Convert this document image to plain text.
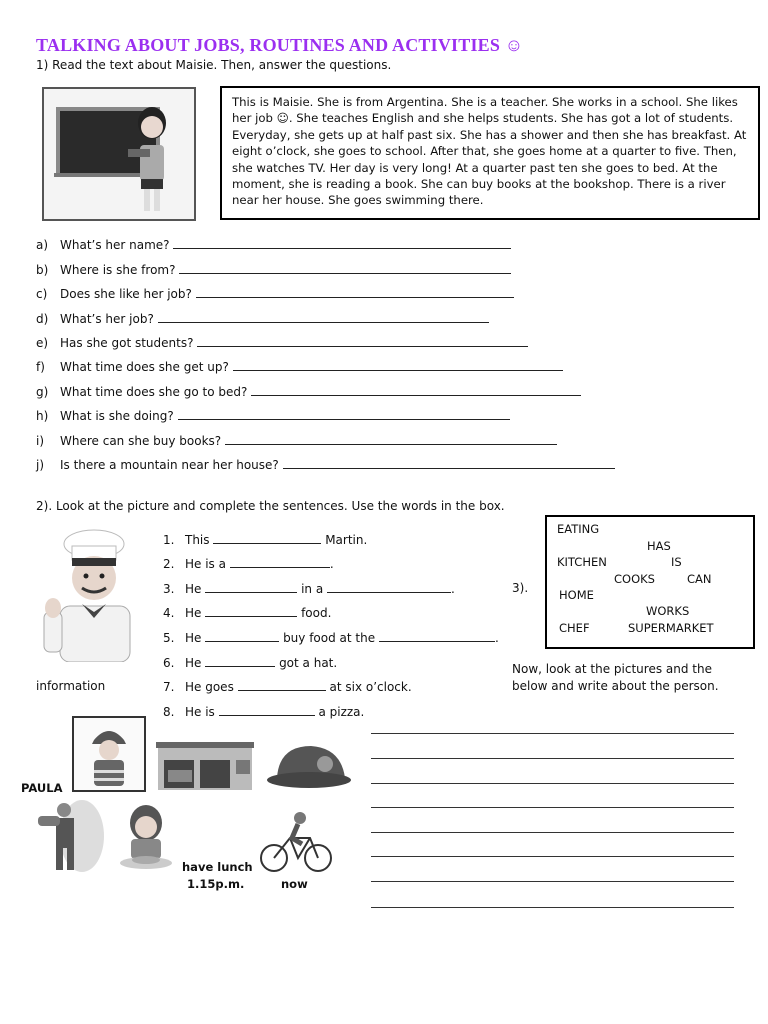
TALKING ABOUT JOBS, ROUTINES AND ACTIVITIES ☺
1) Read the text about Maisie. Then, answer the questions.
This is Maisie. She is from Argentina. She is a teacher. She works in a school. She likes
her job ☺. She teaches English and she helps students. She has got a lot of students.
Everyday, she gets up at half past six. She has a shower and then she has breakfast. At
eight o’clock, she goes to school. After that, she goes home at a quarter to five. Then,
she watches TV. Her day is very long! At a quarter past ten she goes to bed. At the
moment, she is reading a book. She can buy books at the bookshop. There is a river
near her house. She goes swimming there.
a) What’s her name?
b) Where is she from?
c) Does she like her job?
d) What’s her job?
e) Has she got students?
f) What time does she get up?
g) What time does she go to bed?
h) What is she doing?
i) Where can she buy books?
j) Is there a mountain near her house?
2). Look at the picture and complete the sentences. Use the words in the box.
1. This	Martin.
2. He is a	.
3. He	in a	.
4. He	food.
5. He	buy food at the	.
6. He	got a hat.
7. He goes	at six o’clock.
8. He is	a pizza.
EATING
HAS
KITCHEN	IS
COOKS	CAN
HOME
WORKS
CHEF	SUPERMARKET
3).
Now, look at the pictures and the
information	below and write about the person.
PAULA
have lunch
1.15p.m.	now
